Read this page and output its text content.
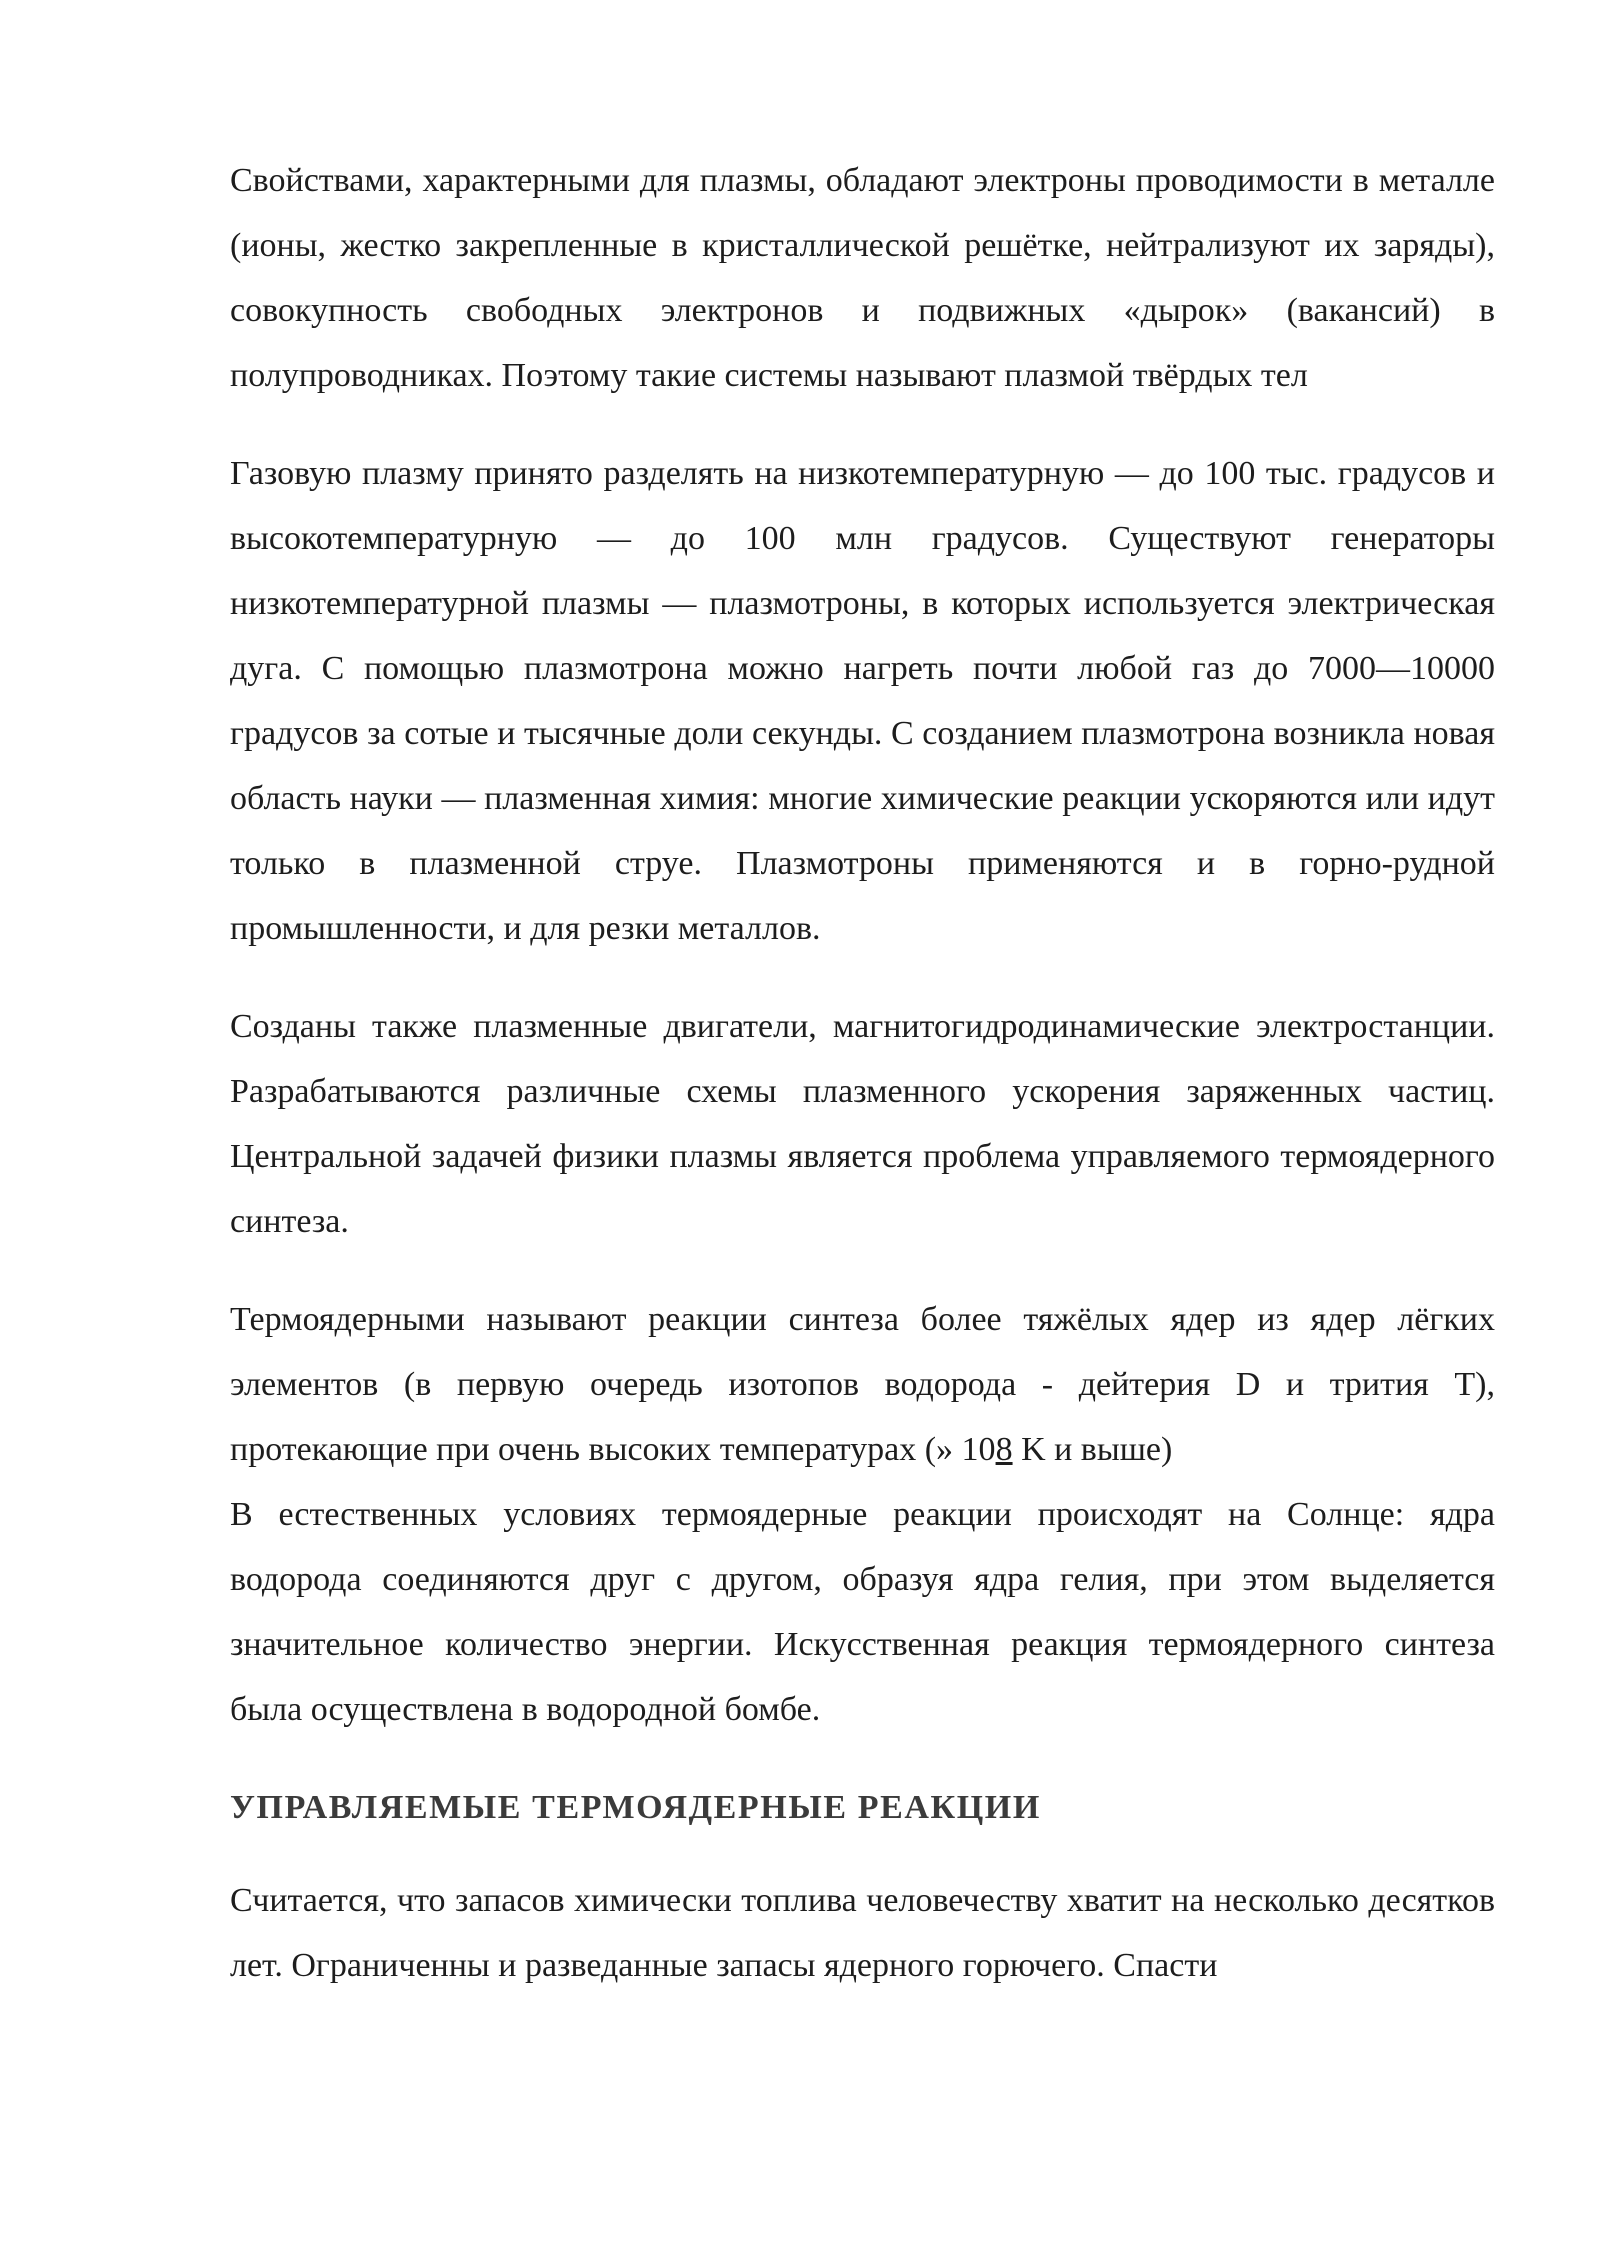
Свойствами, характерными для плазмы, обладают электроны проводимости в металле (ионы, жестко закрепленные в кристаллической решётке, нейтрализуют их заряды), совокупность свободных электронов и подвижных «дырок» (вакансий) в полупроводниках. Поэтому такие системы называют плазмой твёрдых тел

Газовую плазму принято разделять на низкотемпературную — до 100 тыс. градусов и высокотемпературную — до 100 млн градусов. Существуют генераторы низкотемпературной плазмы — плазмотроны, в которых используется электрическая дуга. С помощью плазмотрона можно нагреть почти любой газ до 7000—10000 градусов за сотые и тысячные доли секунды. С созданием плазмотрона возникла новая область науки — плазменная химия: многие химические реакции ускоряются или идут только в плазменной струе. Плазмотроны применяются и в горно-рудной промышленности, и для резки металлов.

Созданы также плазменные двигатели, магнитогидродинамические электростанции. Разрабатываются различные схемы плазменного ускорения заряженных частиц. Центральной задачей физики плазмы является проблема управляемого термоядерного синтеза.

Термоядерными называют реакции синтеза более тяжёлых ядер из ядер лёгких элементов (в первую очередь изотопов водорода - дейтерия D и трития T), протекающие при очень высоких температурах (» 108 K и выше)

В естественных условиях термоядерные реакции происходят на Солнце: ядра водорода соединяются друг с другом, образуя ядра гелия, при этом выделяется значительное количество энергии. Искусственная реакция термоядерного синтеза была осуществлена в водородной бомбе.

УПРАВЛЯЕМЫЕ ТЕРМОЯДЕРНЫЕ РЕАКЦИИ

Считается, что запасов химически топлива человечеству хватит на несколько десятков лет. Ограниченны и разведанные запасы ядерного горючего. Спасти
